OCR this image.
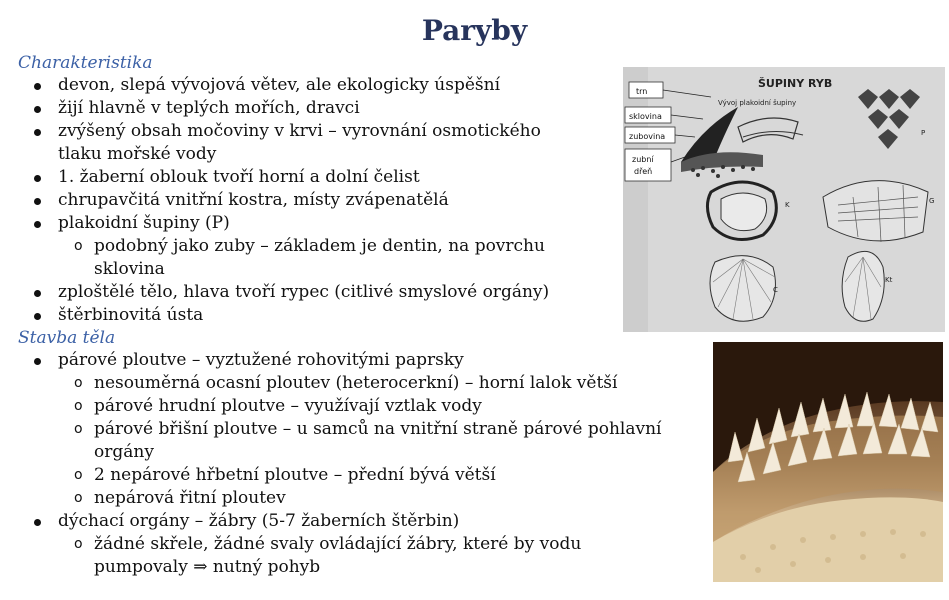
Paryby
Charakteristika
devon, slepá vývojová větev, ale ekologicky úspěšní
žijí hlavně v teplých mořích, dravci
zvýšený obsah močoviny v krvi – vyrovnání osmotického tlaku mořské vody
1. žaberní oblouk tvoří horní a dolní čelist
chrupavčitá vnitřní kostra, místy zvápenatělá
plakoidní šupiny (P)
o podobný jako zuby – základem je dentin, na povrchu sklovina
zploštělé tělo, hlava tvoří rypec (citlivé smyslové orgány)
štěrbinovitá ústa
Stavba těla
párové ploutve – vyztužené rohovitými paprsky
o nesouměrná ocasní ploutev (heterocerkní) – horní lalok větší
o párové hrudní ploutve – využívají vztlak vody
o párové břišní ploutve – u samců na vnitřní straně párové pohlavní orgány
o 2 nepárové hřbetní ploutve – přední bývá větší
o nepárová řitní ploutev
dýchací orgány – žábry (5-7 žaberních štěrbin)
o žádné skřele, žádné svaly ovládající žábry, které by vodu pumpovaly ⇒ nutný pohyb
trn
sklovina
zubovina
zubní
dřeň
ŠUPINY RYB
Vývoj plakoidní šupiny
P
K	G
C
Kt
